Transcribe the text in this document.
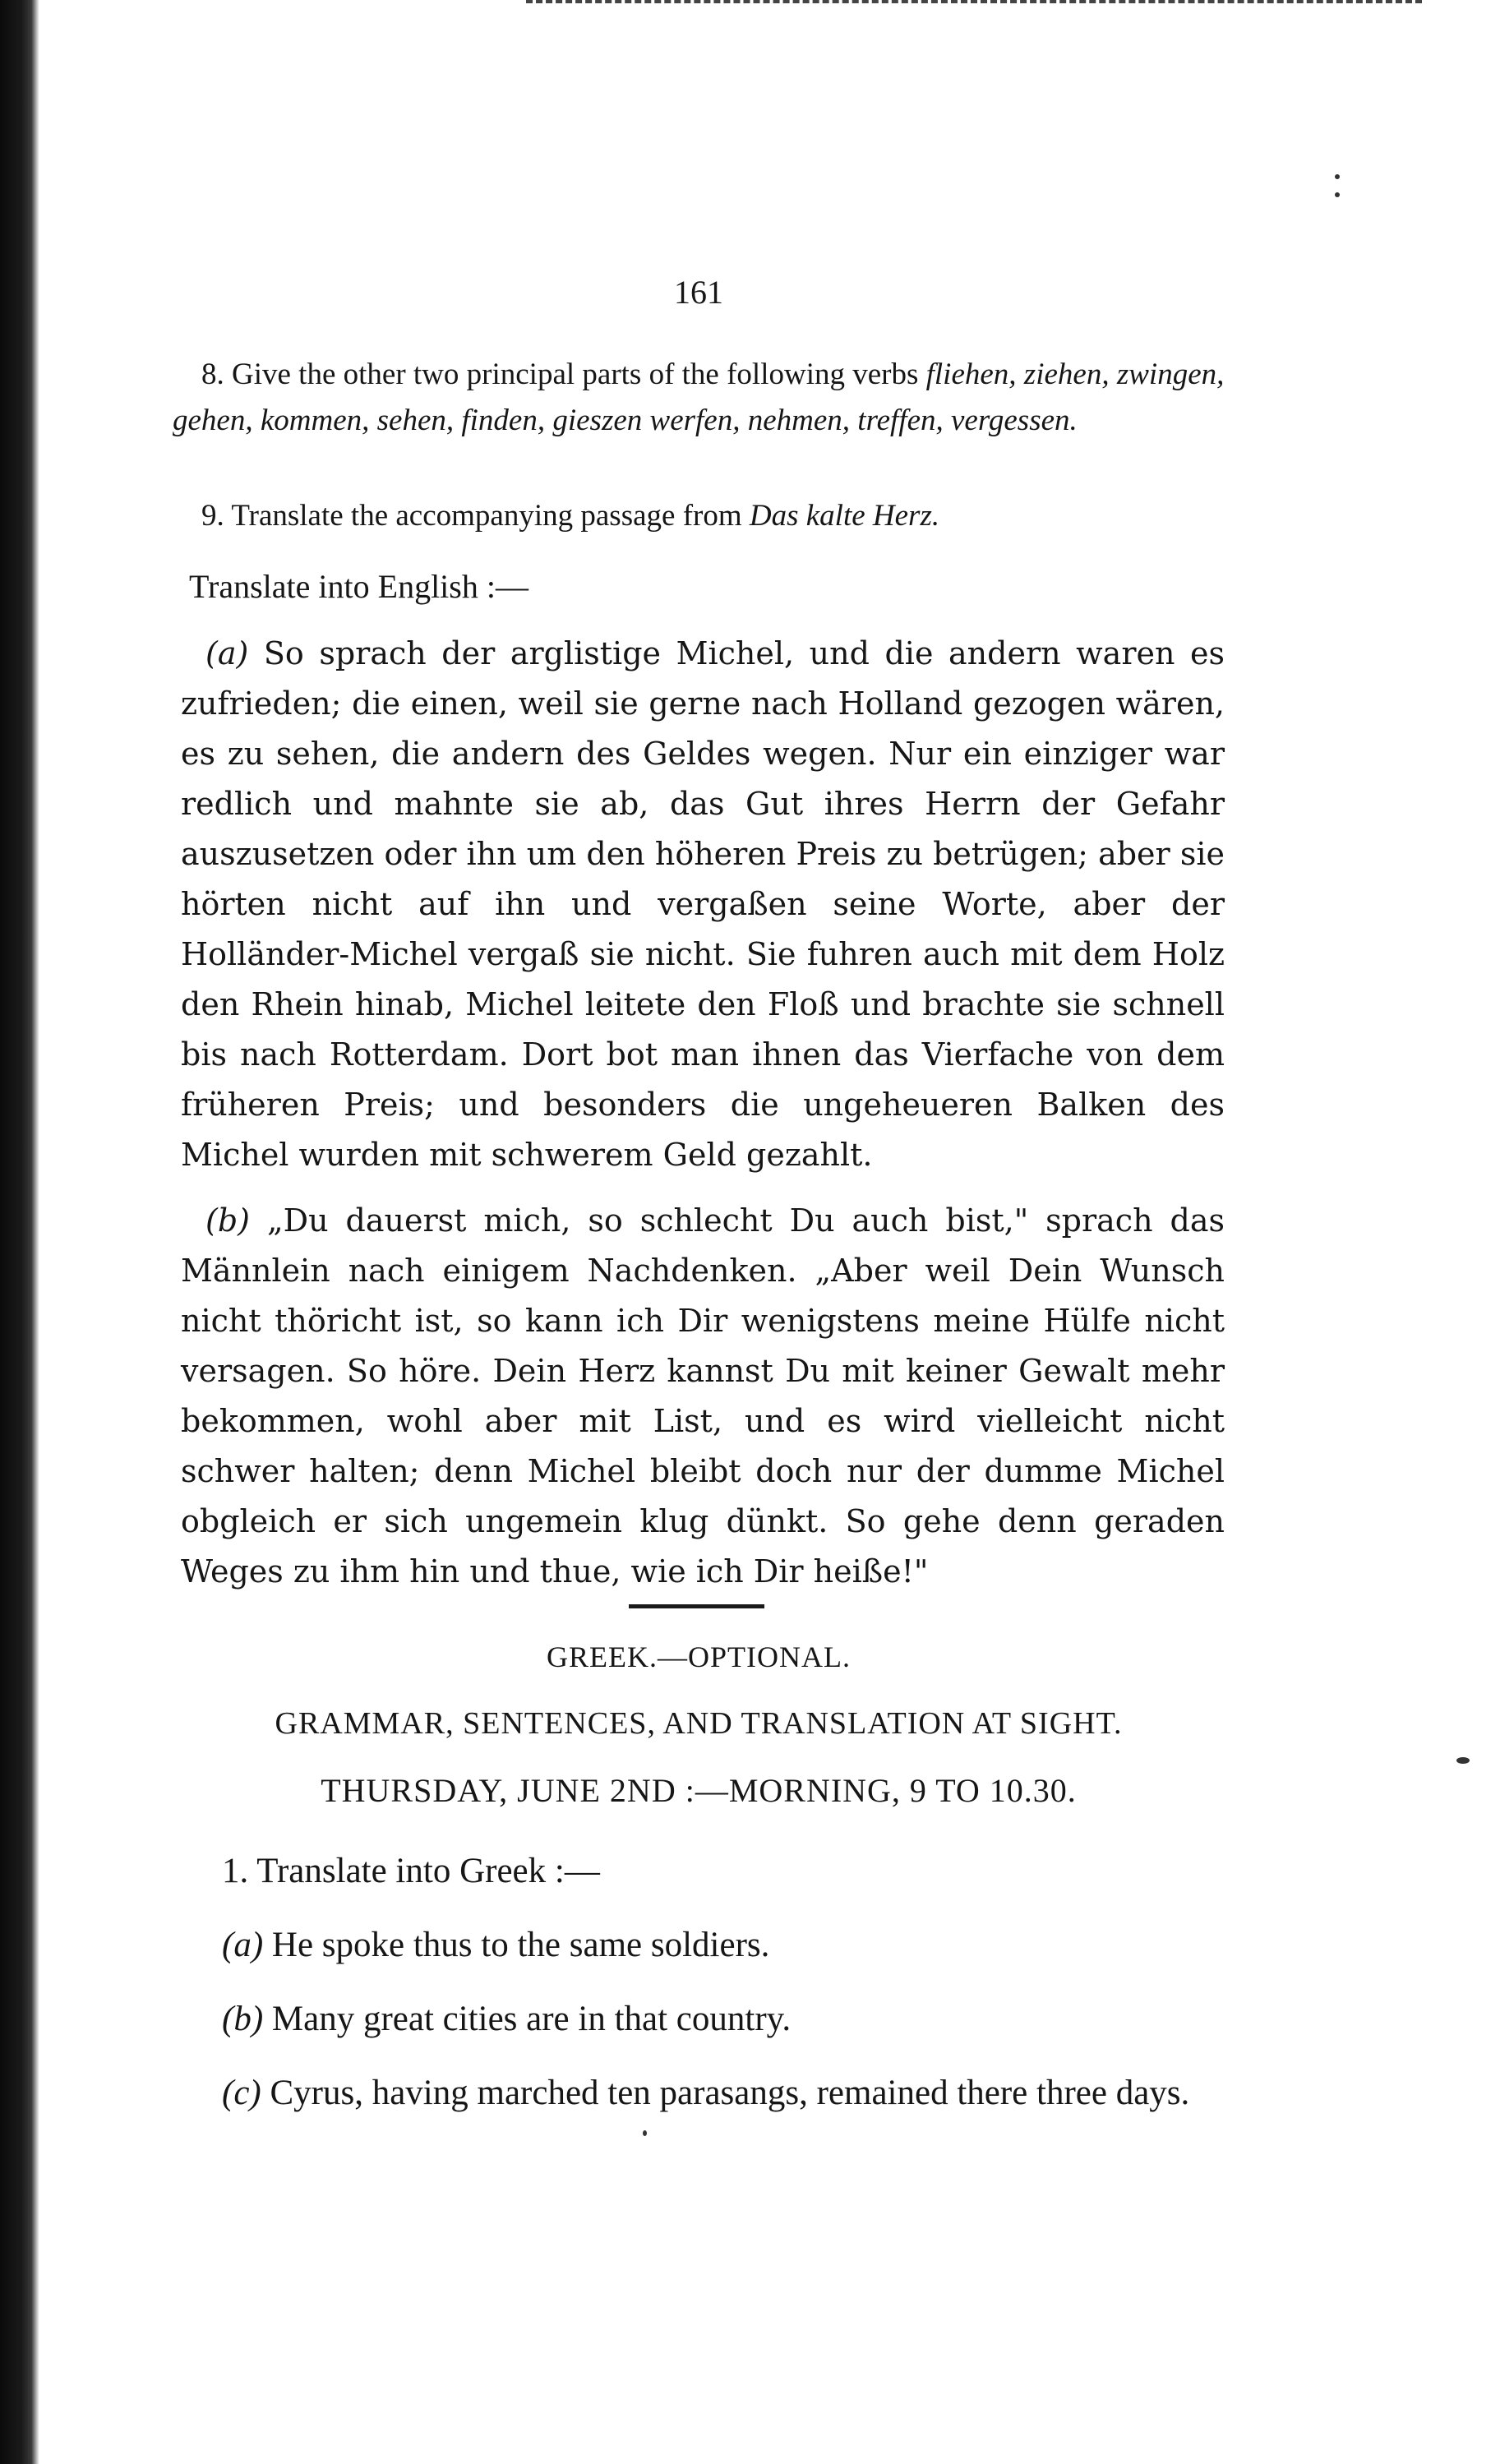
161

8. Give the other two principal parts of the following verbs fliehen, ziehen, zwingen, gehen, kommen, sehen, finden, gieszen werfen, nehmen, treffen, vergessen.

9. Translate the accompanying passage from Das kalte Herz.

Translate into English :—

(a) So sprach der arglistige Michel, und die andern waren es zufrieden; die einen, weil sie gerne nach Holland gezogen wären, es zu sehen, die andern des Geldes wegen. Nur ein einziger war redlich und mahnte sie ab, das Gut ihres Herrn der Gefahr auszusetzen oder ihn um den höheren Preis zu betrügen; aber sie hörten nicht auf ihn und vergaßen seine Worte, aber der Holländer-Michel vergaß sie nicht. Sie fuhren auch mit dem Holz den Rhein hinab, Michel leitete den Floß und brachte sie schnell bis nach Rotterdam. Dort bot man ihnen das Vierfache von dem früheren Preis; und besonders die ungeheueren Balken des Michel wurden mit schwerem Geld gezahlt.

(b) „Du dauerst mich, so schlecht Du auch bist," sprach das Männlein nach einigem Nachdenken. „Aber weil Dein Wunsch nicht thöricht ist, so kann ich Dir wenigstens meine Hülfe nicht versagen. So höre. Dein Herz kannst Du mit keiner Gewalt mehr bekommen, wohl aber mit List, und es wird vielleicht nicht schwer halten; denn Michel bleibt doch nur der dumme Michel obgleich er sich ungemein klug dünkt. So gehe denn geraden Weges zu ihm hin und thue, wie ich Dir heiße!"

GREEK.—OPTIONAL.

GRAMMAR, SENTENCES, AND TRANSLATION AT SIGHT.

THURSDAY, JUNE 2ND :—MORNING, 9 TO 10.30.

1. Translate into Greek :—

(a) He spoke thus to the same soldiers.

(b) Many great cities are in that country.

(c) Cyrus, having marched ten parasangs, remained there three days.
